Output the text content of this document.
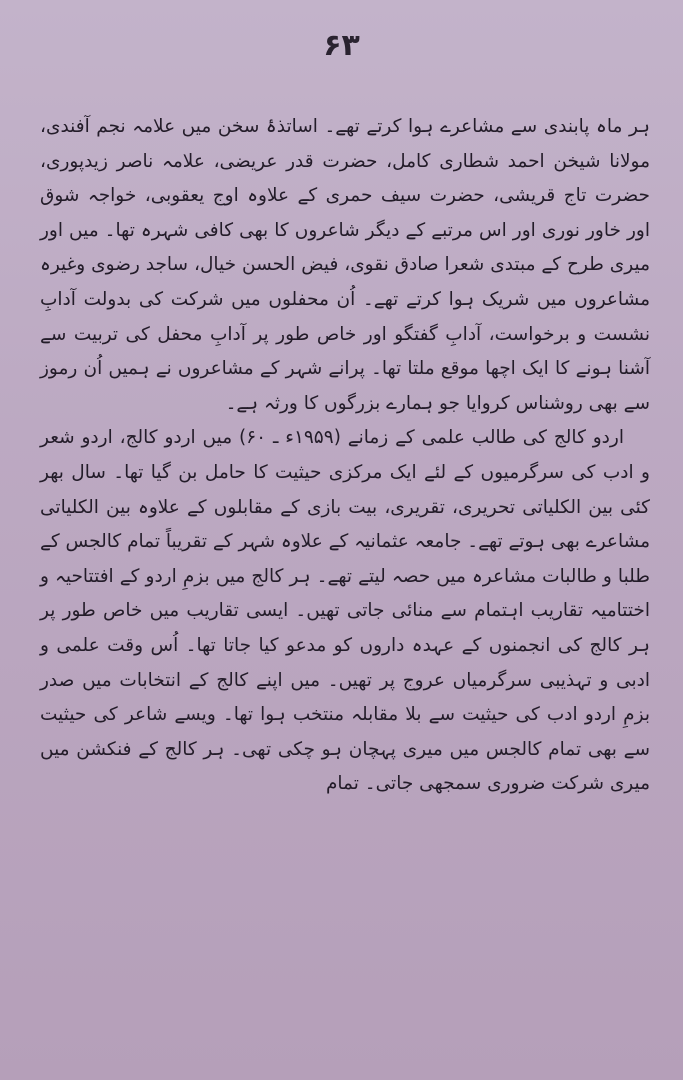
۶۳

ہر ماہ پابندی سے مشاعرے ہوا کرتے تھے۔ اساتذۂ سخن میں علامہ نجم آفندی، مولانا شیخن احمد شطاری کامل، حضرت قدر عریضی، علامہ ناصر زیدپوری، حضرت تاج قریشی، حضرت سیف حمری کے علاوہ اوج یعقوبی، خواجہ شوق اور خاور نوری اور اس مرتبے کے دیگر شاعروں کا بھی کافی شہرہ تھا۔ میں اور میری طرح کے مبتدی شعرا صادق نقوی، فیض الحسن خیال، ساجد رضوی وغیرہ مشاعروں میں شریک ہوا کرتے تھے۔ اُن محفلوں میں شرکت کی بدولت آدابِ نشست و برخواست، آدابِ گفتگو اور خاص طور پر آدابِ محفل کی تربیت سے آشنا ہونے کا ایک اچھا موقع ملتا تھا۔ پرانے شہر کے مشاعروں نے ہمیں اُن رموز سے بھی روشناس کروایا جو ہمارے بزرگوں کا ورثہ ہے۔

اردو کالج کی طالب علمی کے زمانے (۱۹۵۹ء ـ ۶۰) میں اردو کالج، اردو شعر و ادب کی سرگرمیوں کے لئے ایک مرکزی حیثیت کا حامل بن گیا تھا۔ سال بھر کئی بین الکلیاتی تحریری، تقریری، بیت بازی کے مقابلوں کے علاوہ بین الکلیاتی مشاعرے بھی ہوتے تھے۔ جامعہ عثمانیہ کے علاوہ شہر کے تقریباً تمام کالجس کے طلبا و طالبات مشاعرہ میں حصہ لیتے تھے۔ ہر کالج میں بزمِ اردو کے افتتاحیہ و اختتامیہ تقاریب اہتمام سے منائی جاتی تھیں۔ ایسی تقاریب میں خاص طور پر ہر کالج کی انجمنوں کے عہدہ داروں کو مدعو کیا جاتا تھا۔ اُس وقت علمی و ادبی و تہذیبی سرگرمیاں عروج پر تھیں۔ میں اپنے کالج کے انتخابات میں صدر بزمِ اردو ادب کی حیثیت سے بلا مقابلہ منتخب ہوا تھا۔ ویسے شاعر کی حیثیت سے بھی تمام کالجس میں میری پہچان ہو چکی تھی۔ ہر کالج کے فنکشن میں میری شرکت ضروری سمجھی جاتی۔ تمام
